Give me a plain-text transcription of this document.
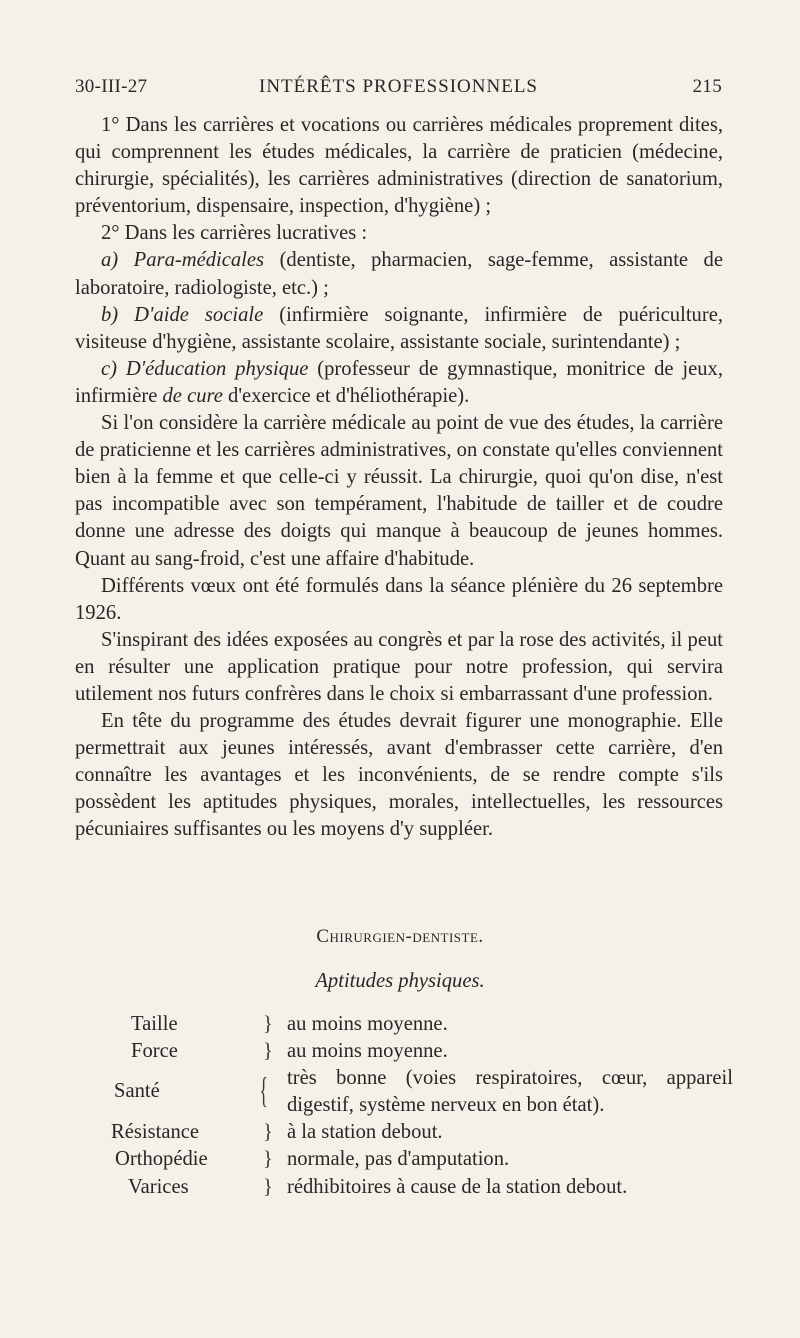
30-III-27	INTÉRÊTS PROFESSIONNELS	215

1° Dans les carrières et vocations ou carrières médicales proprement dites, qui comprennent les études médicales, la carrière de praticien (médecine, chirurgie, spécialités), les carrières administratives (direction de sanatorium, préventorium, dispensaire, inspection, d'hygiène) ;

2° Dans les carrières lucratives :

a) Para-médicales (dentiste, pharmacien, sage-femme, assistante de laboratoire, radiologiste, etc.) ;

b) D'aide sociale (infirmière soignante, infirmière de puériculture, visiteuse d'hygiène, assistante scolaire, assistante sociale, surintendante) ;

c) D'éducation physique (professeur de gymnastique, monitrice de jeux, infirmière de cure d'exercice et d'héliothérapie).

Si l'on considère la carrière médicale au point de vue des études, la carrière de praticienne et les carrières administratives, on constate qu'elles conviennent bien à la femme et que celle-ci y réussit. La chirurgie, quoi qu'on dise, n'est pas incompatible avec son tempérament, l'habitude de tailler et de coudre donne une adresse des doigts qui manque à beaucoup de jeunes hommes. Quant au sang-froid, c'est une affaire d'habitude.

Différents vœux ont été formulés dans la séance plénière du 26 septembre 1926.

S'inspirant des idées exposées au congrès et par la rose des activités, il peut en résulter une application pratique pour notre profession, qui servira utilement nos futurs confrères dans le choix si embarrassant d'une profession.

En tête du programme des études devrait figurer une monographie. Elle permettrait aux jeunes intéressés, avant d'embrasser cette carrière, d'en connaître les avantages et les inconvénients, de se rendre compte s'ils possèdent les aptitudes physiques, morales, intellectuelles, les ressources pécuniaires suffisantes ou les moyens d'y suppléer.

Chirurgien-dentiste.
Aptitudes physiques.
Taille	} au moins moyenne.
Force	} au moins moyenne.
Santé	{ très bonne (voies respiratoires, cœur, appareil digestif, système nerveux en bon état).
Résistance	} à la station debout.
Orthopédie	} normale, pas d'amputation.
Varices	} rédhibitoires à cause de la station debout.
